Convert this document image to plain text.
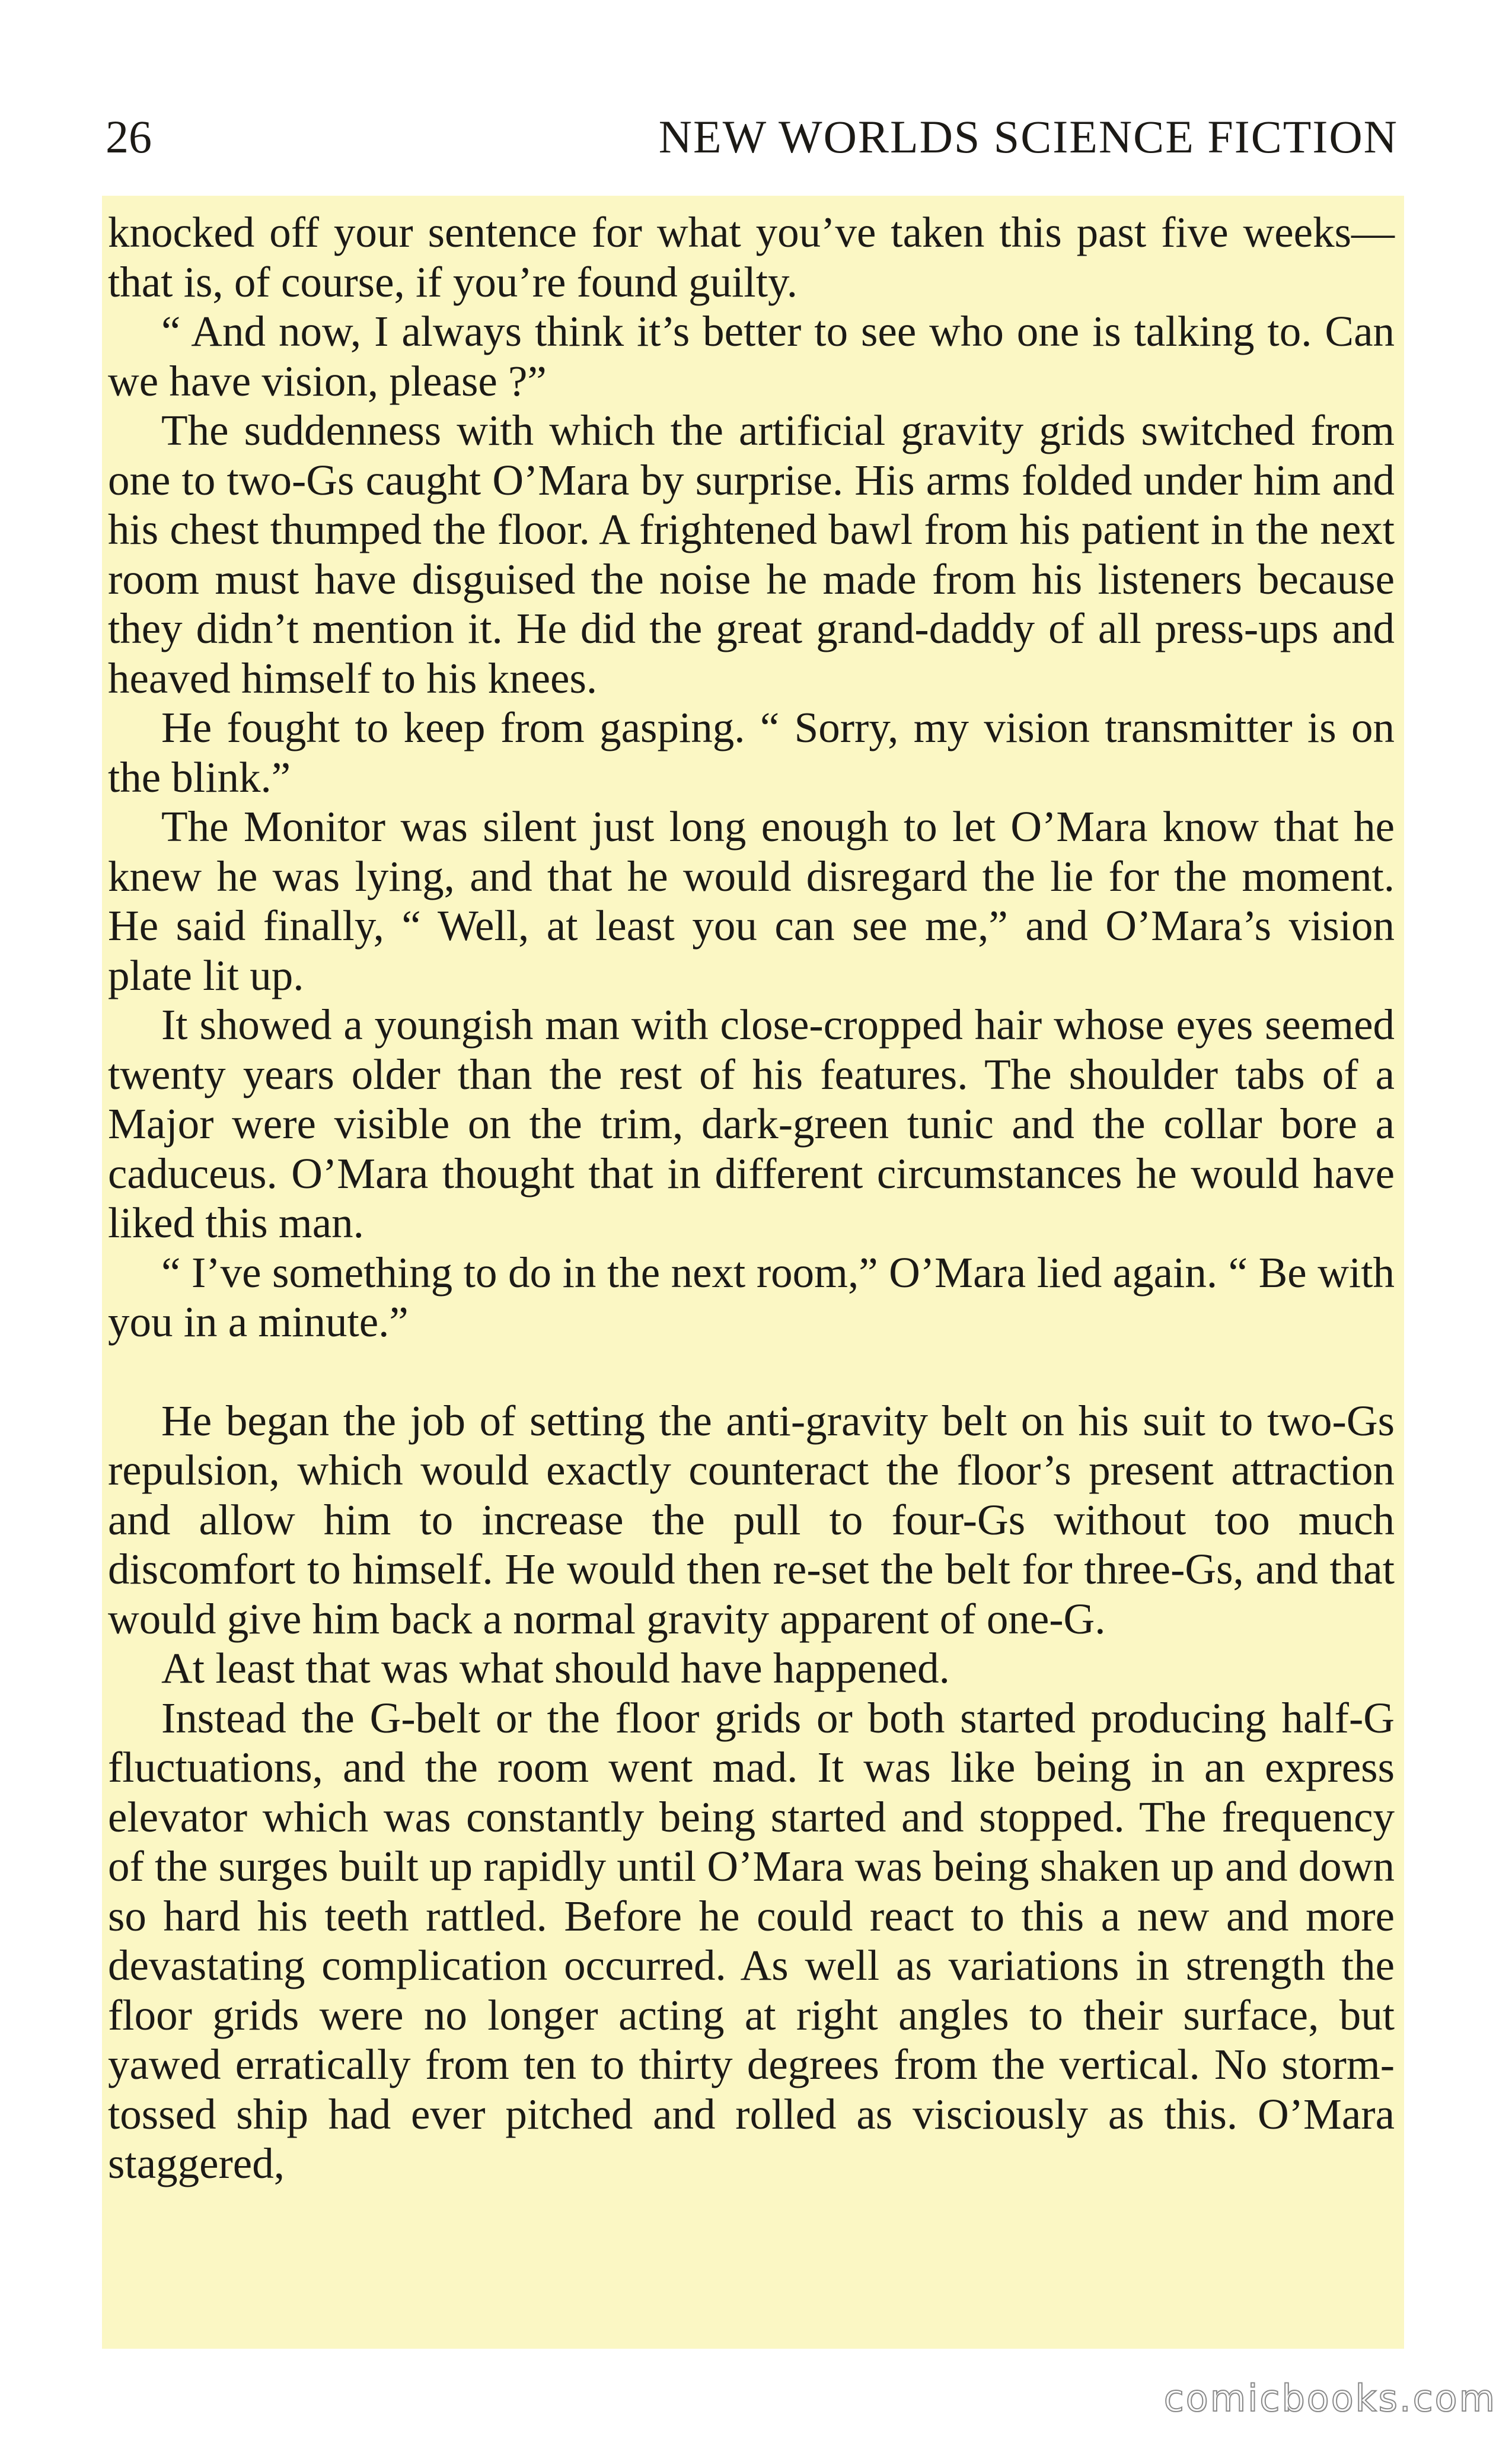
26	NEW WORLDS SCIENCE FICTION

knocked off your sentence for what you’ve taken this past five weeks—that is, of course, if you’re found guilty.

“ And now, I always think it’s better to see who one is talking to. Can we have vision, please ?”

The suddenness with which the artificial gravity grids switched from one to two-Gs caught O’Mara by surprise. His arms folded under him and his chest thumped the floor. A frightened bawl from his patient in the next room must have disguised the noise he made from his listeners because they didn’t mention it. He did the great grand-daddy of all press-ups and heaved himself to his knees.

He fought to keep from gasping. “ Sorry, my vision transmitter is on the blink.”

The Monitor was silent just long enough to let O’Mara know that he knew he was lying, and that he would disregard the lie for the moment. He said finally, “ Well, at least you can see me,” and O’Mara’s vision plate lit up.

It showed a youngish man with close-cropped hair whose eyes seemed twenty years older than the rest of his features. The shoulder tabs of a Major were visible on the trim, dark-green tunic and the collar bore a caduceus. O’Mara thought that in different circumstances he would have liked this man.

“ I’ve something to do in the next room,” O’Mara lied again. “ Be with you in a minute.”

He began the job of setting the anti-gravity belt on his suit to two-Gs repulsion, which would exactly counteract the floor’s present attraction and allow him to increase the pull to four-Gs without too much discomfort to himself. He would then re-set the belt for three-Gs, and that would give him back a normal gravity apparent of one-G.

At least that was what should have happened.

Instead the G-belt or the floor grids or both started producing half-G fluctuations, and the room went mad. It was like being in an express elevator which was constantly being started and stopped. The frequency of the surges built up rapidly until O’Mara was being shaken up and down so hard his teeth rattled. Before he could react to this a new and more devastating complication occurred. As well as variations in strength the floor grids were no longer acting at right angles to their surface, but yawed erratically from ten to thirty degrees from the vertical. No storm-tossed ship had ever pitched and rolled as visciously as this. O’Mara staggered,

comicbooks.com
